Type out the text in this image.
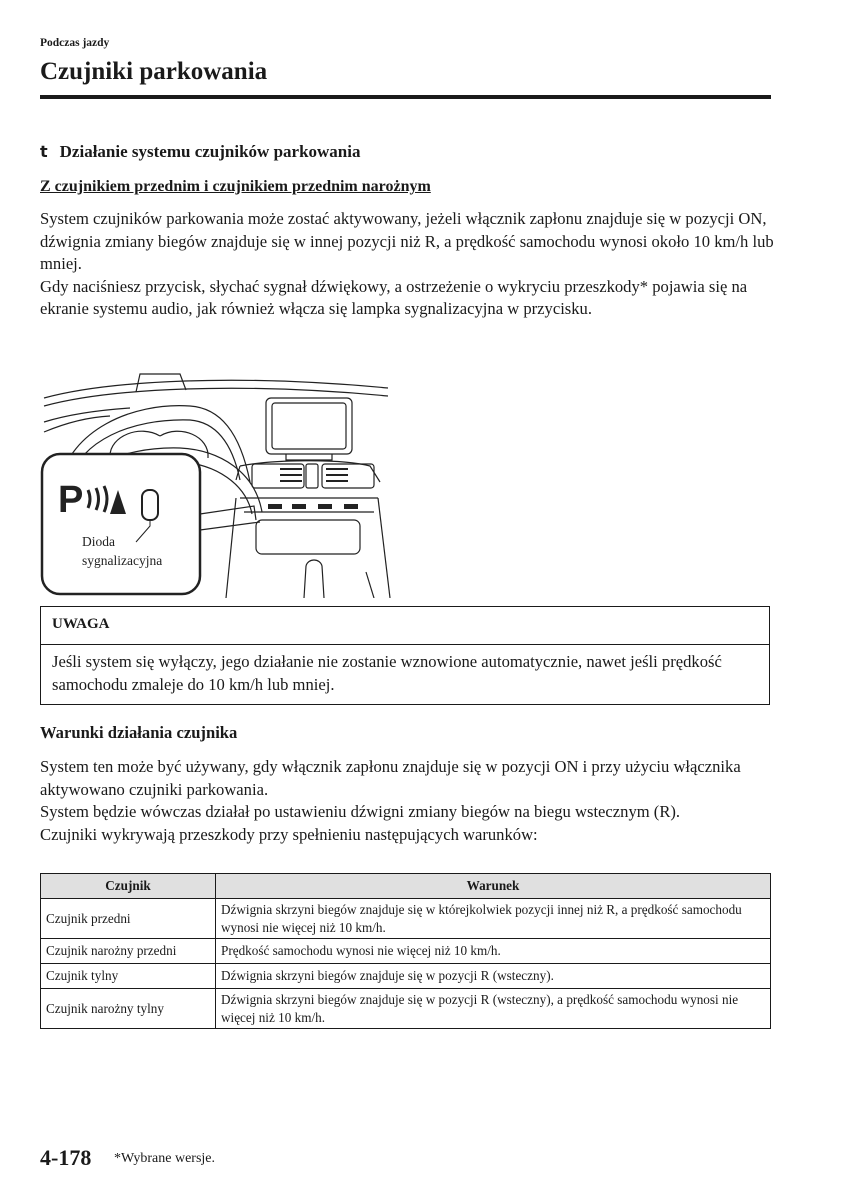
Podczas jazdy
Czujniki parkowania
t Działanie systemu czujników parkowania
Z czujnikiem przednim i czujnikiem przednim narożnym

System czujników parkowania może zostać aktywowany, jeżeli włącznik zapłonu znajduje się w pozycji ON, dźwignia zmiany biegów znajduje się w innej pozycji niż R, a prędkość samochodu wynosi około 10 km/h lub mniej.

Gdy naciśniesz przycisk, słychać sygnał dźwiękowy, a ostrzeżenie o wykryciu przeszkody* pojawia się na ekranie systemu audio, jak również włącza się lampka sygnalizacyjna w przycisku.

P
Dioda
sygnalizacyjna
UWAGA
Jeśli system się wyłączy, jego działanie nie zostanie wznowione automatycznie, nawet jeśli prędkość samochodu zmaleje do 10 km/h lub mniej.
Warunki działania czujnika

System ten może być używany, gdy włącznik zapłonu znajduje się w pozycji ON i przy użyciu włącznika aktywowano czujniki parkowania.

System będzie wówczas działał po ustawieniu dźwigni zmiany biegów na biegu wstecznym (R).

Czujniki wykrywają przeszkody przy spełnieniu następujących warunków:

Czujnik	Warunek
Czujnik przedni	Dźwignia skrzyni biegów znajduje się w którejkolwiek pozycji innej niż R, a prędkość samochodu wynosi nie więcej niż 10 km/h.
Czujnik narożny przedni	Prędkość samochodu wynosi nie więcej niż 10 km/h.
Czujnik tylny	Dźwignia skrzyni biegów znajduje się w pozycji R (wsteczny).
Czujnik narożny tylny	Dźwignia skrzyni biegów znajduje się w pozycji R (wsteczny), a prędkość samochodu wynosi nie więcej niż 10 km/h.
4-178 *Wybrane wersje.
